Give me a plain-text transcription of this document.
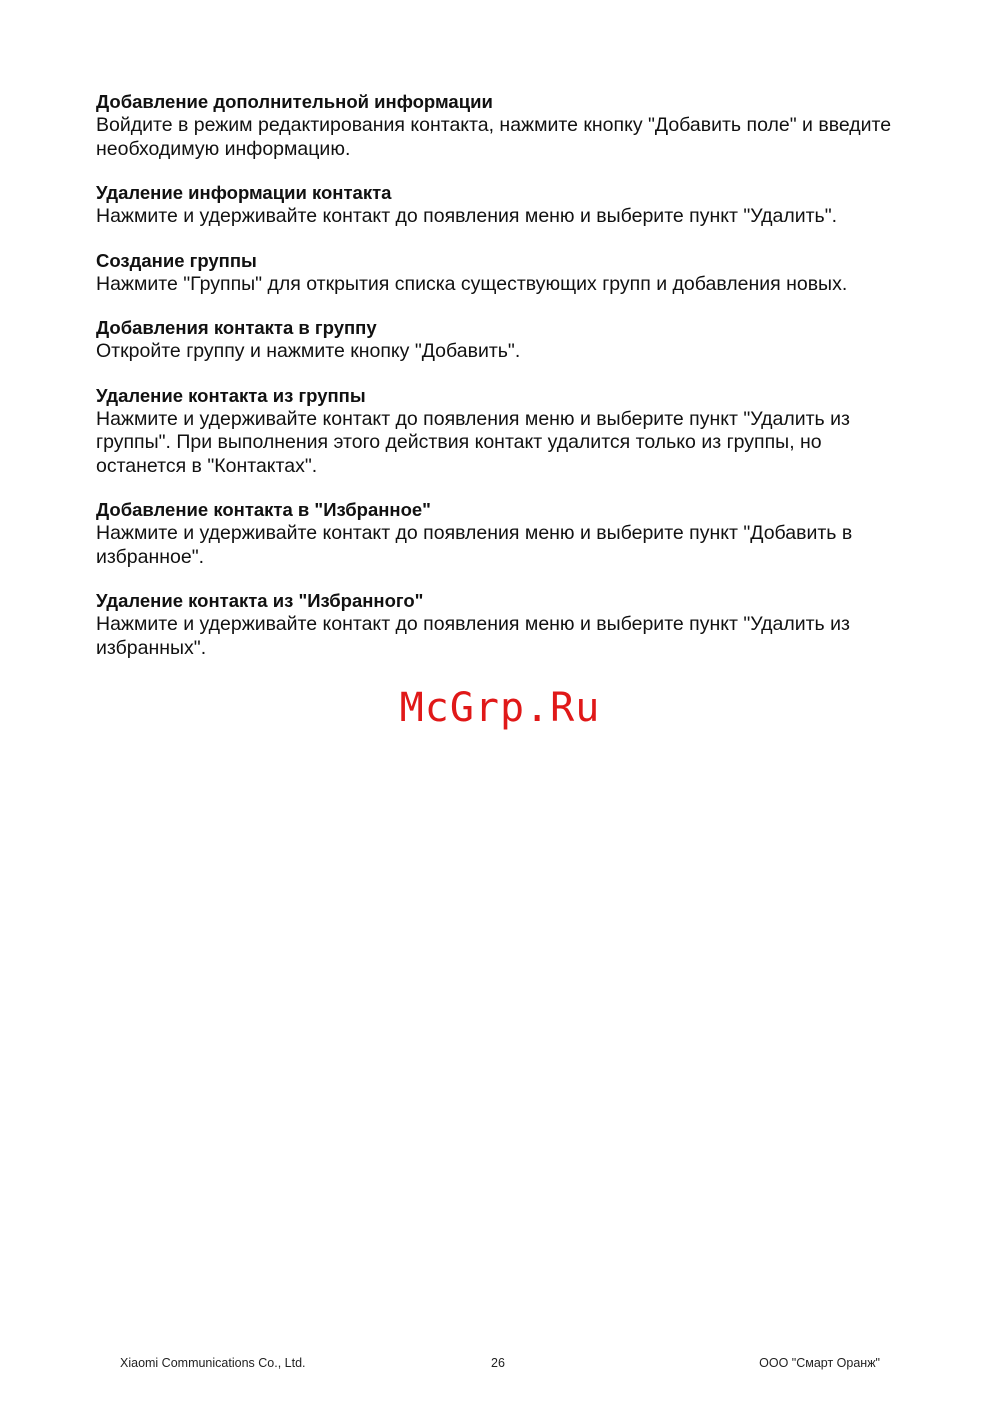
Добавление дополнительной информации
Войдите в режим редактирования контакта, нажмите кнопку "Добавить поле" и введите
необходимую информацию.
Удаление информации контакта
Нажмите и удерживайте контакт до появления меню и выберите пункт "Удалить".
Создание группы
Нажмите "Группы" для открытия списка существующих групп и добавления новых.
Добавления контакта в группу
Откройте группу и нажмите кнопку "Добавить".
Удаление контакта из группы
Нажмите и удерживайте контакт до появления меню и выберите пункт "Удалить из
группы". При выполнения этого действия контакт удалится только из группы, но
останется в "Контактах".
Добавление контакта в "Избранное"
Нажмите и удерживайте контакт до появления меню и выберите пункт "Добавить в
избранное".
Удаление контакта из "Избранного"
Нажмите и удерживайте контакт до появления меню и выберите пункт "Удалить из
избранных".
McGrp.Ru
Xiaomi Communications Co., Ltd.	26	ООО "Смарт Оранж"
